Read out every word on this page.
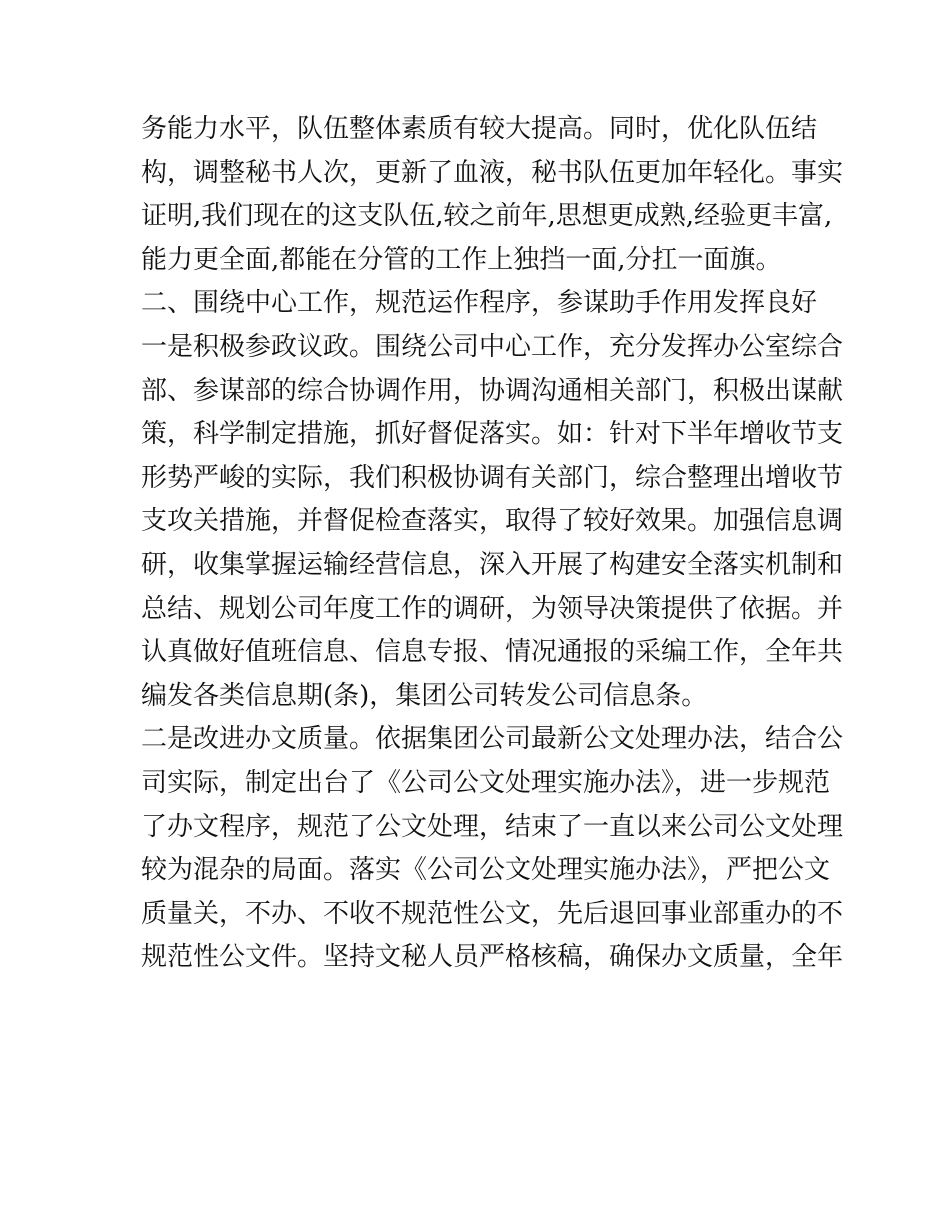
务能力水平，队伍整体素质有较大提高。同时，优化队伍结
构，调整秘书人次，更新了血液，秘书队伍更加年轻化。事实
证明,我们现在的这支队伍,较之前年,思想更成熟,经验更丰富,
能力更全面,都能在分管的工作上独挡一面,分扛一面旗。
二、围绕中心工作，规范运作程序，参谋助手作用发挥良好
一是积极参政议政。围绕公司中心工作，充分发挥办公室综合
部、参谋部的综合协调作用，协调沟通相关部门，积极出谋献
策，科学制定措施，抓好督促落实。如：针对下半年增收节支
形势严峻的实际，我们积极协调有关部门，综合整理出增收节
支攻关措施，并督促检查落实，取得了较好效果。加强信息调
研，收集掌握运输经营信息，深入开展了构建安全落实机制和
总结、规划公司年度工作的调研，为领导决策提供了依据。并
认真做好值班信息、信息专报、情况通报的采编工作，全年共
编发各类信息期(条)，集团公司转发公司信息条。
二是改进办文质量。依据集团公司最新公文处理办法，结合公
司实际，制定出台了《公司公文处理实施办法》，进一步规范
了办文程序，规范了公文处理，结束了一直以来公司公文处理
较为混杂的局面。落实《公司公文处理实施办法》，严把公文
质量关，不办、不收不规范性公文，先后退回事业部重办的不
规范性公文件。坚持文秘人员严格核稿，确保办文质量，全年
